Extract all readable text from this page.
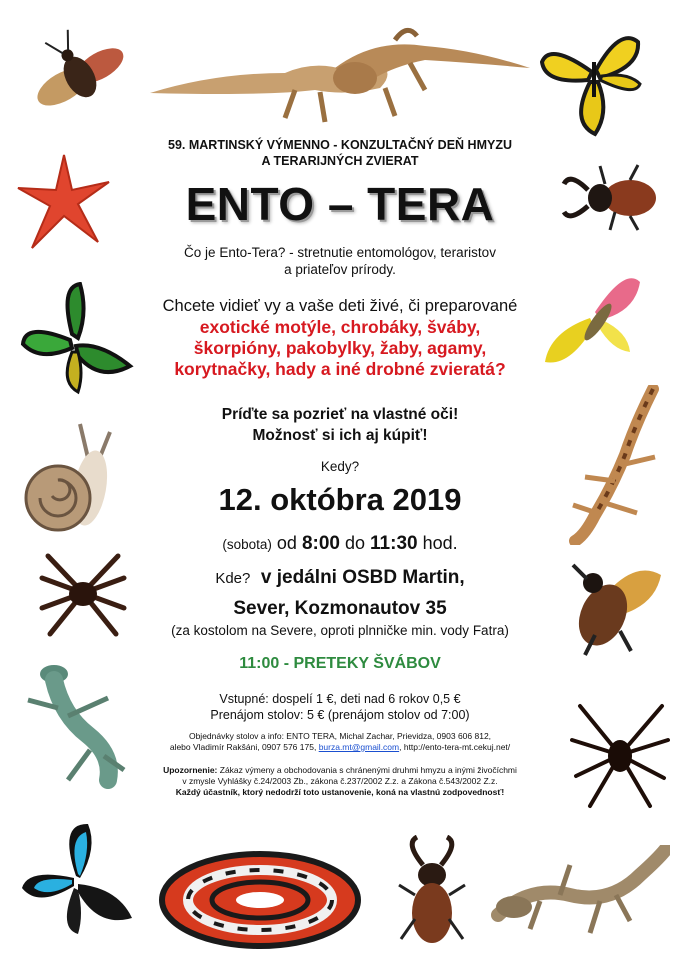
59. MARTINSKÝ VÝMENNO - KONZULTAČNÝ DEŇ HMYZU
A TERARIJNÝCH ZVIERAT
ENTO – TERA
Čo je Ento-Tera? - stretnutie entomológov, teraristov
a priateľov prírody.
Chcete vidieť vy a vaše deti živé, či preparované
exotické motýle, chrobáky, šváby,
škorpióny, pakobylky, žaby, agamy,
korytnačky, hady a iné drobné zvieratá?
Príďte sa pozrieť na vlastné oči!
Možnosť si ich aj kúpiť!
Kedy?
12. októbra 2019
(sobota) od 8:00 do 11:30 hod.
Kde? v jedálni OSBD Martin,
Sever, Kozmonautov 35
(za kostolom na Severe, oproti plnničke min. vody Fatra)
11:00 - PRETEKY ŠVÁBOV
Vstupné: dospelí 1 €, deti nad 6 rokov 0,5 €
Prenájom stolov: 5 € (prenájom stolov od 7:00)
Objednávky stolov a info: ENTO TERA, Michal Zachar, Prievidza, 0903 606 812,
alebo Vladimír Rakšáni, 0907 576 175, burza.mt@gmail.com, http://ento-tera-mt.cekuj.net/
Upozornenie: Zákaz výmeny a obchodovania s chránenými druhmi hmyzu a inými živočíchmi
v zmysle Vyhlášky č.24/2003 Zb., zákona č.237/2002 Z.z. a Zákona č.543/2002 Z.z.
Každý účastník, ktorý nedodrží toto ustanovenie, koná na vlastnú zodpovednosť!
